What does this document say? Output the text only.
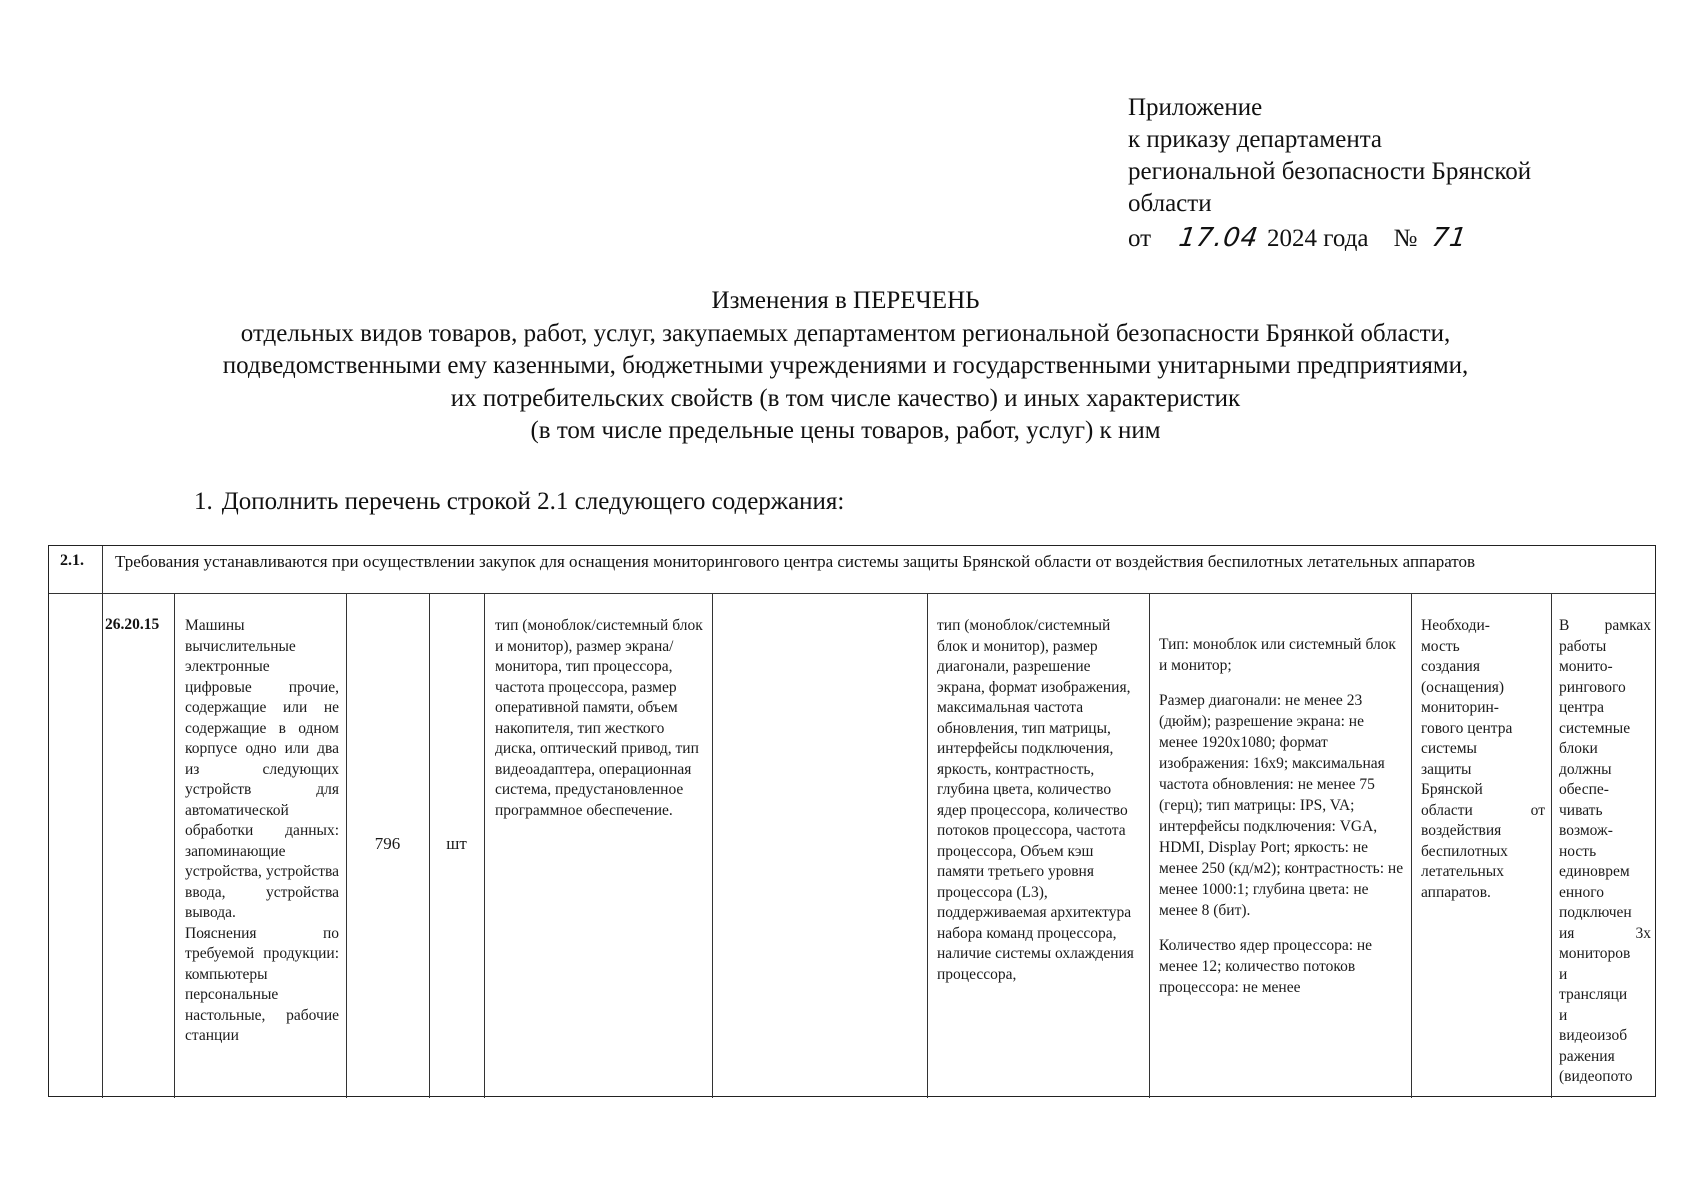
Приложение
к приказу департамента
региональной безопасности Брянской
области
от 17.04 2024 года № 71
Изменения в ПЕРЕЧЕНЬ
отдельных видов товаров, работ, услуг, закупаемых департаментом региональной безопасности Брянкой области,
подведомственными ему казенными, бюджетными учреждениями и государственными унитарными предприятиями,
их потребительских свойств (в том числе качество) и иных характеристик
(в том числе предельные цены товаров, работ, услуг) к ним
1. Дополнить перечень строкой 2.1 следующего содержания:
2.1. Требования устанавливаются при осуществлении закупок для оснащения мониторингового центра системы защиты Брянской области от воздействия беспилотных летательных аппаратов
26.20.15 Машины вычислительные электронные цифровые прочие, содержащие или не содержащие в одном корпусе одно или два из следующих устройств для автоматической обработки данных: запоминающие устройства, устройства ввода, устройства вывода.
Пояснения по требуемой продукции: компьютеры персональные настольные, рабочие станции
796	шт
тип (моноблок/системный блок и монитор), размер экрана/монитора, тип процессора, частота процессора, размер оперативной памяти, объем накопителя, тип жесткого диска, оптический привод, тип видеоадаптера, операционная система, предустановленное программное обеспечение.
тип (моноблок/системный блок и монитор), размер диагонали, разрешение экрана, формат изображения, максимальная частота обновления, тип матрицы, интерфейсы подключения, яркость, контрастность, глубина цвета, количество ядер процессора, количество потоков процессора, частота процессора, Объем кэш памяти третьего уровня процессора (L3), поддерживаемая архитектура набора команд процессора, наличие системы охлаждения процессора,
Тип: моноблок или системный блок и монитор;
Размер диагонали: не менее 23 (дюйм); разрешение экрана: не менее 1920x1080; формат изображения: 16x9; максимальная частота обновления: не менее 75 (герц); тип матрицы: IPS, VA; интерфейсы подключения: VGA, HDMI, Display Port; яркость: не менее 250 (кд/м2); контрастность: не менее 1000:1; глубина цвета: не менее 8 (бит).
Количество ядер процессора: не менее 12; количество потоков процессора: не менее
Необходи-
мость
создания
(оснащения)
мониторин-
гового центра
системы
защиты
Брянской
области от
воздействия
беспилотных
летательных
аппаратов.
В рамках
работы
монито-
рингового
центра
системные
блоки
должны
обеспе-
чивать
возмож-
ность
единоврем
енного
подключен
ия 3х
мониторов
и
трансляци
и
видеоизоб
ражения
(видеопото
